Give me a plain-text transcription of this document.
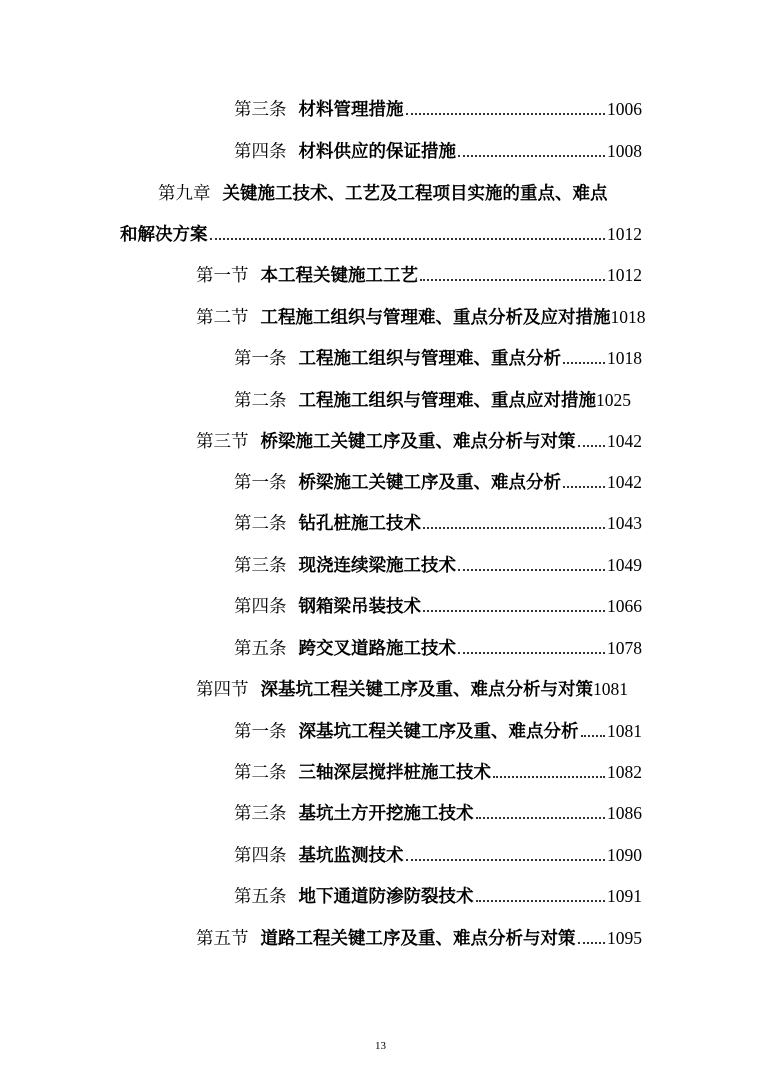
第三条 材料管理措施	1006
第四条 材料供应的保证措施	1008
第九章 关键施工技术、工艺及工程项目实施的重点、难点
和解决方案	1012
第一节 本工程关键施工工艺	1012
第二节 工程施工组织与管理难、重点分析及应对措施 1018
第一条 工程施工组织与管理难、重点分析	1018
第二条 工程施工组织与管理难、重点应对措施 1025
第三节 桥梁施工关键工序及重、难点分析与对策 1042
第一条 桥梁施工关键工序及重、难点分析	1042
第二条 钻孔桩施工技术	1043
第三条 现浇连续梁施工技术	1049
第四条 钢箱梁吊装技术	1066
第五条 跨交叉道路施工技术	1078
第四节 深基坑工程关键工序及重、难点分析与对策 1081
第一条 深基坑工程关键工序及重、难点分析 1081
第二条 三轴深层搅拌桩施工技术	1082
第三条 基坑土方开挖施工技术	1086
第四条 基坑监测技术	1090
第五条 地下通道防渗防裂技术	1091
第五节 道路工程关键工序及重、难点分析与对策 1095
13
